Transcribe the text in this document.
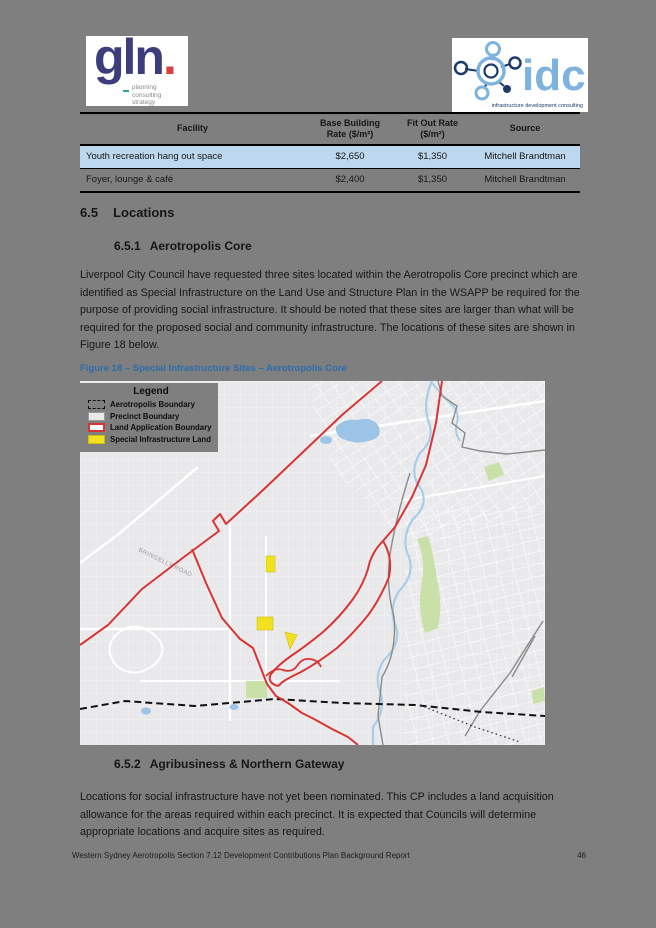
gln.
planning
consulting
strategy
idc
infrastructure development consulting
Facility	Base Building Rate ($/m²)	Fit Out Rate ($/m²)	Source
Youth recreation hang out space	$2,650	$1,350	Mitchell Brandtman
Foyer, lounge & café	$2,400	$1,350	Mitchell Brandtman
6.5 Locations
6.5.1 Aerotropolis Core
Liverpool City Council have requested three sites located within the Aerotropolis Core precinct which are identified as Special Infrastructure on the Land Use and Structure Plan in the WSAPP be required for the purpose of providing social infrastructure. It should be noted that these sites are larger than what will be required for the proposed social and community infrastructure. The locations of these sites are shown in Figure 18 below.
Figure 18 – Special Infrastructure Sites – Aerotropolis Core
BRINGELLY ROAD
Legend
Aerotropolis Boundary
Precinct Boundary
Land Application Boundary
Special Infrastructure Land
6.5.2 Agribusiness & Northern Gateway
Locations for social infrastructure have not yet been nominated. This CP includes a land acquisition allowance for the areas required within each precinct. It is expected that Councils will determine appropriate locations and acquire sites as required.
Western Sydney Aerotropolis Section 7.12 Development Contributions Plan Background Report	46
